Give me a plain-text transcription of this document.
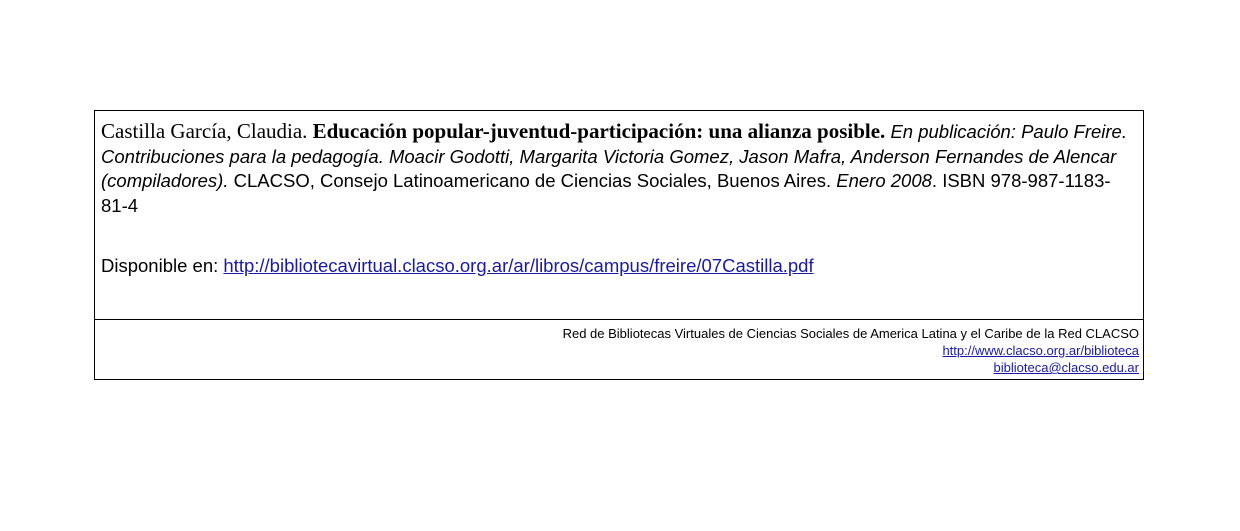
Castilla García, Claudia. Educación popular-juventud-participación: una alianza posible. En publicación: Paulo Freire. Contribuciones para la pedagogía. Moacir Godotti, Margarita Victoria Gomez, Jason Mafra, Anderson Fernandes de Alencar (compiladores). CLACSO, Consejo Latinoamericano de Ciencias Sociales, Buenos Aires. Enero 2008. ISBN 978-987-1183-81-4
Disponible en: http://bibliotecavirtual.clacso.org.ar/ar/libros/campus/freire/07Castilla.pdf
Red de Bibliotecas Virtuales de Ciencias Sociales de America Latina y el Caribe de la Red CLACSO
http://www.clacso.org.ar/biblioteca
biblioteca@clacso.edu.ar
